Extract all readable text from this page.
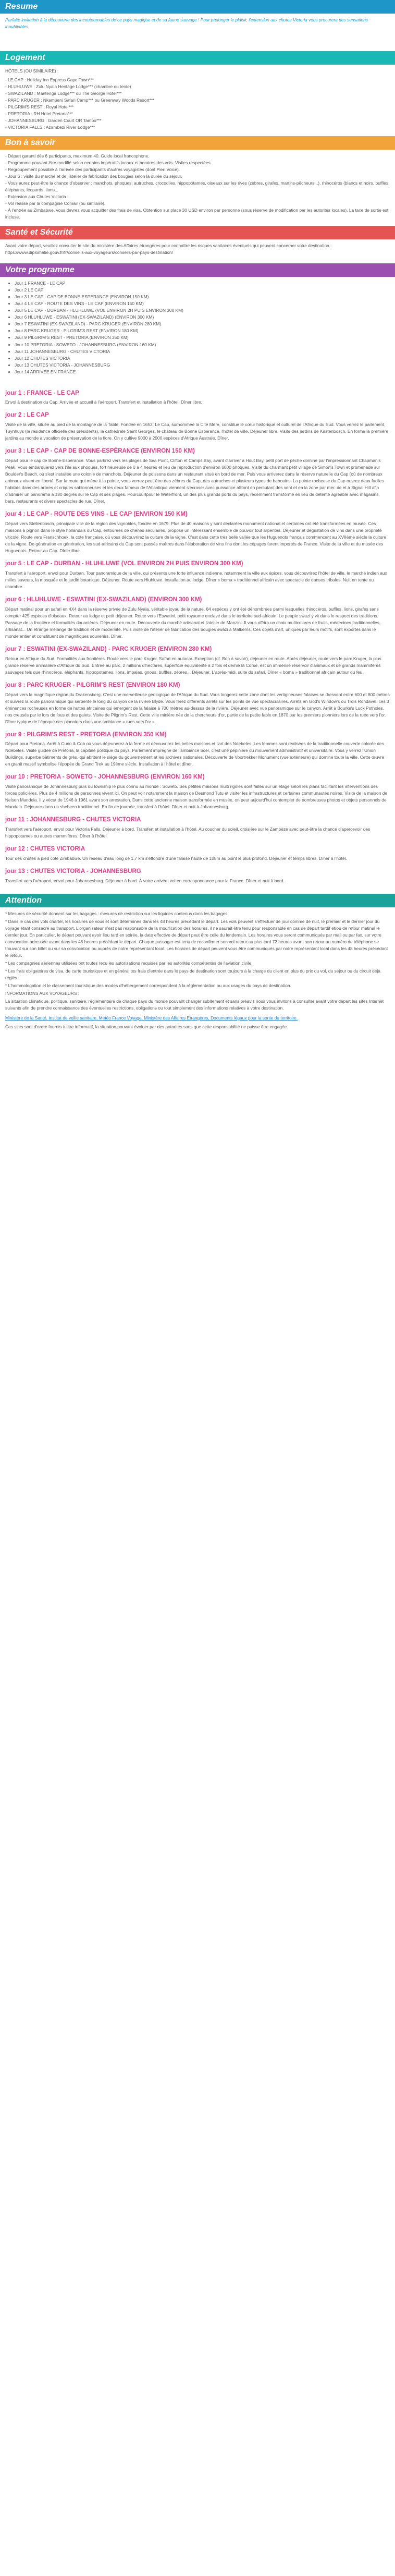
Resume

Parfaite invitation à la découverte des incontournables de ce pays magique et de sa faune sauvage ! Pour prolonger le plaisir, l'extension aux chutes Victoria vous procurera des sensations inoubliables.

Logement

HÔTELS (OU SIMILAIRE) :

- LE CAP : Holiday Inn Express Cape Town***
- HLUHLUWE : Zulu Nyala Heritage Lodge*** (chambre ou tente)
- SWAZILAND : Mantenga Lodge*** ou The George Hotel***
- PARC KRUGER : Nkambeni Safari Camp*** ou Greenway Woods Resort***
- PILGRIM'S REST : Royal Hotel***
- PRETORIA : RH Hotel Pretoria***
- JOHANNESBURG : Garden Court OR Tambo***
- VICTORIA FALLS : Azambezi River Lodge***
Bon à savoir
- Départ garanti dès 6 participants, maximum 40. Guide local francophone.
- Programme pouvant être modifié selon certains impératifs locaux et horaires des vols. Visites respectées.
- Regroupement possible à l'arrivée des participants d'autres voyagistes (dont Pieri Voice).
- Jour 6 : visite du marché et de l'atelier de fabrication des bougies selon la durée du séjour.
- Vous aurez peut-être la chance d'observer : manchots, phoques, autruches, crocodiles, hippopotames, oiseaux sur les rives (zèbres, girafes, martins-pêcheurs...), rhinocéros (blancs et noirs, buffles, éléphants, léopards, lions...
- Extension aux Chutes Victoria :
- Vol réalisé par la compagnie Comair (ou similaire).
- À l'entrée au Zimbabwe, vous devrez vous acquitter des frais de visa. Obtention sur place 30 USD environ par personne (sous réserve de modification par les autorités locales). La taxe de sortie est incluse.
Santé et Sécurité

Avant votre départ, veuillez consulter le site du ministère des Affaires étrangères pour connaître les risques sanitaires éventuels qui peuvent concerner votre destination : https://www.diplomatie.gouv.fr/fr/conseils-aux-voyageurs/conseils-par-pays-destination/

Votre programme
• Jour 1 FRANCE - LE CAP
• Jour 2 LE CAP
• Jour 3 LE CAP - CAP DE BONNE-ESPÉRANCE (ENVIRON 150 KM)
• Jour 4 LE CAP - ROUTE DES VINS - LE CAP (ENVIRON 150 KM)
• Jour 5 LE CAP - DURBAN - HLUHLUWE (VOL ENVIRON 2H PUIS ENVIRON 300 KM)
• Jour 6 HLUHLUWE - ESWATINI (EX-SWAZILAND) (ENVIRON 300 KM)
• Jour 7 ESWATINI (EX-SWAZILAND) - PARC KRUGER (ENVIRON 280 KM)
• Jour 8 PARC KRUGER - PILGRIM'S REST (ENVIRON 180 KM)
• Jour 9 PILGRIM'S REST - PRETORIA (ENVIRON 350 KM)
• Jour 10 PRETORIA - SOWETO - JOHANNESBURG (ENVIRON 160 KM)
• Jour 11 JOHANNESBURG - CHUTES VICTORIA
• Jour 12 CHUTES VICTORIA
• Jour 13 CHUTES VICTORIA - JOHANNESBURG
• Jour 14 ARRIVÉE EN FRANCE
jour 1 : FRANCE - LE CAP

Envol à destination du Cap. Arrivée et accueil à l'aéroport. Transfert et installation à l'hôtel. Dîner libre.

jour 2 : LE CAP

Visite de la ville, située au pied de la montagne de la Table. Fondée en 1652, Le Cap, surnommée la Cité Mère, constitue le cœur historique et culturel de l'Afrique du Sud. Vous verrez le parlement, Tuynhuys (la résidence officielle des présidents), la cathédrale Saint Georges, le château de Bonne Espérance, l'hôtel de ville. Déjeuner libre. Visite des jardins de Kirstenbosch. En forme la première jardins au monde à vocation de préservation de la flore. On y cultive 9000 à 2000 espèces d'Afrique Australe. Dîner.

jour 3 : LE CAP - CAP DE BONNE-ESPÉRANCE (ENVIRON 150 KM)

Départ pour le cap de Bonne-Espérance. Vous partirez vers les plages de Sea Point, Clifton et Camps Bay, avant d'arriver à Hout Bay, petit port de pêche dominé par l'impressionnant Chapman's Peak. Vous embarquerez vers l'île aux phoques, fort heureuse de 0 à 4 heures et lieu de reproduction d'environ 6000 phoques. Visite du charmant petit village de Simon's Town et promenade sur Boulder's Beach, où s'est installée une colonie de manchots. Déjeuner de poissons dans un restaurant situé en bord de mer. Puis vous arriverez dans la réserve naturelle du Cap (où de nombreux animaux vivent en liberté. Sur la route qui mène à la pointe, vous verrez peut-être des zèbres du Cap, des autruches et plusieurs types de babouins. La pointe rocheuse du Cap ouvrez deux faciles habitats dans des arbres et criques sablonneuses et les deux fameux de l'Atlantique viennent s'écraser avec puissance affront en percutant des vent et en la zone par mer. de et à Signal Hill afin d'admirer un panorama à 180 degrés sur le Cap et ses plages. Pourcourtpour le Waterfront, un des plus grands ports du pays, récemment transformé en lieu de détente agréable avec magasins, bars, restaurants et divers spectacles de rue. Dîner.

jour 4 : LE CAP - ROUTE DES VINS - LE CAP (ENVIRON 150 KM)

Départ vers Stellenbosch, principale ville de la région des vignobles, fondée en 1679. Plus de 40 maisons y sont déclarées monument national et certaines ont été transformées en musée. Ces maisons à pignon dans le style hollandais du Cap, entourées de chênes séculaires, propose un intéressant ensemble de pouvoir tout arpentés. Déjeuner et dégustation de vins dans une propriété viticole. Route vers Franschhoek, la cote française, où vous découvrirez la culture de la vigne. C'est dans cette très belle vallée que les Huguenots français commencent au XVIIème siècle la culture de la vigne. De génération en génération, les sud-africains du Cap sont passés maîtres dans l'élaboration de vins fins dont les cépages furent importés de France. Visite de la ville et du musée des Huguenots. Retour au Cap. Dîner libre.

jour 5 : LE CAP - DURBAN - HLUHLUWE (VOL ENVIRON 2H PUIS ENVIRON 300 KM)

Transfert à l'aéroport, envol pour Durban. Tour panoramique de la ville, qui présente une forte influence indienne, notamment la ville aux épices, vous découvrirez l'hôtel de ville, le marché indien aux milles saveurs, la mosquée et le jardin botanique. Déjeuner. Route vers Hluhluwe. Installation au lodge. Dîner « boma » traditionnel africain avec spectacle de danses tribales. Nuit en tente ou chambre.

jour 6 : HLUHLUWE - ESWATINI (EX-SWAZILAND) (ENVIRON 300 KM)

Départ matinal pour un safari en 4X4 dans la réserve privée de Zulu Nyala, véritable joyau de la nature. 84 espèces y ont été dénombrées parmi lesquelles rhinocéros, buffles, lions, girafes sans compter 425 espèces d'oiseaux. Retour au lodge et petit déjeuner. Route vers l'Eswatini, petit royaume enclavé dans le territoire sud-africain. Le peuple swazi y vit dans le respect des traditions. Passage de la frontière et formalités douanières. Déjeuner en route. Découverte du marché artisanal et l'atelier de Manzini. Il vous offrira un choix multicolores de fruits, médecines traditionnelles, artisanat... Un étrange mélange de tradition et de modernité. Puis visite de l'atelier de fabrication des bougies swazi à Malkerns. Ces objets d'art, uniques par leurs motifs, sont exportés dans le monde entier et constituent de magnifiques souvenirs. Dîner.

jour 7 : ESWATINI (EX-SWAZILAND) - PARC KRUGER (ENVIRON 280 KM)

Retour en Afrique du Sud. Formalités aux frontières. Route vers le parc Kruger. Safari en autocar. Exception (cf. Bon à savoir), déjeuner en route. Après déjeuner, route vers le parc Kruger, la plus grande réserve animalière d'Afrique du Sud. Entrée au parc, 2 millions d'hectares, superficie équivalente à 2 fois et demie la Corse, est un immense réservoir d'animaux et de grands mammifères sauvages tels que rhinocéros, éléphants, hippopotames, lions, impalas, gnous, buffles, zèbres... Déjeuner. L'après-midi, suite du safari. Dîner « boma » traditionnel africain autour du feu.

jour 8 : PARC KRUGER - PILGRIM'S REST (ENVIRON 180 KM)

Départ vers la magnifique région du Drakensberg. C'est une merveilleuse géologique de l'Afrique du Sud. Vous longerez cette zone dont les vertigineuses falaises se dressent entre 600 et 800 mètres et suivrez la route panoramique qui serpente le long du canyon de la rivière Blyde. Vous ferez différents arrêts sur les points de vue spectaculaires. Arrêts en God's Window's ou Trois Rondavel, ces 3 éminences rocheuses en forme de huttes africaines qui émergent de la falaise à 700 mètres au-dessus de la rivière. Déjeuner avec vue panoramique sur le canyon. Arrêt à Bourke's Luck Potholes, nos creusés par le lors de fous et des galets. Visite de Pilgrim's Rest. Cette ville minière née de la chercheurs d'or, partie de la petite fable en 1870 par les premiers pionniers lors de la ruée vers l'or. Dîner typique de l'époque des pionniers dans une ambiance « rues vers l'or ».

jour 9 : PILGRIM'S REST - PRETORIA (ENVIRON 350 KM)

Départ pour Pretoria. Arrêt à Curio & Cob où vous déjeunerez à la ferme et découvrirez les belles maisons et l'art des Ndebeles. Les femmes sont réalisées de la traditionnelle couverte colorée des Ndebeles. Visite guidée de Pretoria, la capitale politique du pays. Parlement imprégné de l'ambiance boer, c'est une pépinière du mouvement administratif et universitaire. Vous y verrez l'Union Buildings, superbe bâtiments de grès, qui abritent le siège du gouvernement et les archives nationales. Découverte de Voortrekker Monument (vue extérieure) qui domine toute la ville. Cette œuvre en granit massif symbolise l'épopée du Grand Trek au 19ème siècle. Installation à l'hôtel et dîner.

jour 10 : PRETORIA - SOWETO - JOHANNESBURG (ENVIRON 160 KM)

Visite panoramique de Johannesburg puis du township le plus connu au monde : Soweto. Ses petites maisons multi rigoles sont faites sur un étage selon les plans facilitant les interventions des forces policières. Plus de 4 millions de personnes vivent ici. On peut voir notamment la maison de Desmond Tutu et visiter les infrastructures et certaines communautés noires. Visite de la maison de Nelson Mandela. Il y vécut de 1946 à 1961 avant son arrestation. Dans cette ancienne maison transformée en musée, on peut aujourd'hui contempler de nombreuses photos et objets personnels de Mandela. Déjeuner dans un shebeen traditionnel. En fin de journée, transfert à l'hôtel. Dîner et nuit à Johannesburg.

jour 11 : JOHANNESBURG - CHUTES VICTORIA

Transfert vers l'aéroport, envol pour Victoria Falls. Déjeuner à bord. Transfert et installation à l'hôtel. Au coucher du soleil, croisière sur le Zambèze avec peut-être la chance d'apercevoir des hippopotames ou autres mammifères. Dîner à l'hôtel.

jour 12 : CHUTES VICTORIA

Tour des chutes à pied côté Zimbabwe. Un réseau d'eau long de 1,7 km s'effondre d'une falaise haute de 108m au point le plus profond. Déjeuner et temps libres. Dîner à l'hôtel.

jour 13 : CHUTES VICTORIA - JOHANNESBURG

Transfert vers l'aéroport, envol pour Johannesburg. Déjeuner à bord. À votre arrivée, vol en correspondance pour la France. Dîner et nuit à bord.

Attention
* Mesures de sécurité donnent sur les bagages : mesures de restriction sur les liquides contenus dans les bagages.
* Dans le cas des vols charter, les horaires de vous et sont déterminés dans les 48 heures précédant le départ. Les vols peuvent s'effectuer de jour comme de nuit, le premier et le dernier jour du voyage étant consacré au transport. L'organisateur n'est pas responsable de la modification des horaires, il ne saurait être tenu pour responsable en cas de départ tardif et/ou de retour matinal le dernier jour. En particulier, le départ pouvant avoir lieu tard en soirée, la date effective de départ peut être celle du lendemain. Les horaires vous seront communiqués par mail ou par fax, sur votre convocation adressée avant dans les 48 heures précédant le départ. Chaque passager est tenu de reconfirmer son vol retour au plus tard 72 heures avant son retour au numéro de téléphone se trouvant sur son billet ou sur sa convocation ou auprès de notre représentant local. Les horaires de départ peuvent vous être communiqués par notre représentant local dans les 48 heures précédant le retour.
* Les compagnies aériennes utilisées ont toutes reçu les autorisations requises par les autorités compétentes de l'aviation civile.
* Les frais obligatoires de visa, de carte touristique et en général tes frais d'entrée dans le pays de destination sont toujours à la charge du client en plus du prix du vol, du séjour ou du circuit déjà réglés.
* L'hommologation et le classement touristique des modes d'hébergement correspondent à la réglementation ou aux usages du pays de destination.
INFORMATIONS AUX VOYAGEURS :
La situation climatique, politique, sanitaire, réglementaire de chaque pays du monde pouvant changer subitement et sans préavis nous vous invitons à consulter avant votre départ les sites Internet suivants afin de prendre connaissance des éventuelles restrictions, obligations ou tout simplement des informations relatives à votre destination.

Ministère de la Santé, Institut de veille sanitaire, Météo France Voyage, Ministère des Affaires Étrangères, Documents légaux pour la sortie du territoire.

Ces sites sont d'ordre fournis à titre informatif, la situation pouvant évoluer par des autorités sans que cette responsabilité ne puisse être engagée.
